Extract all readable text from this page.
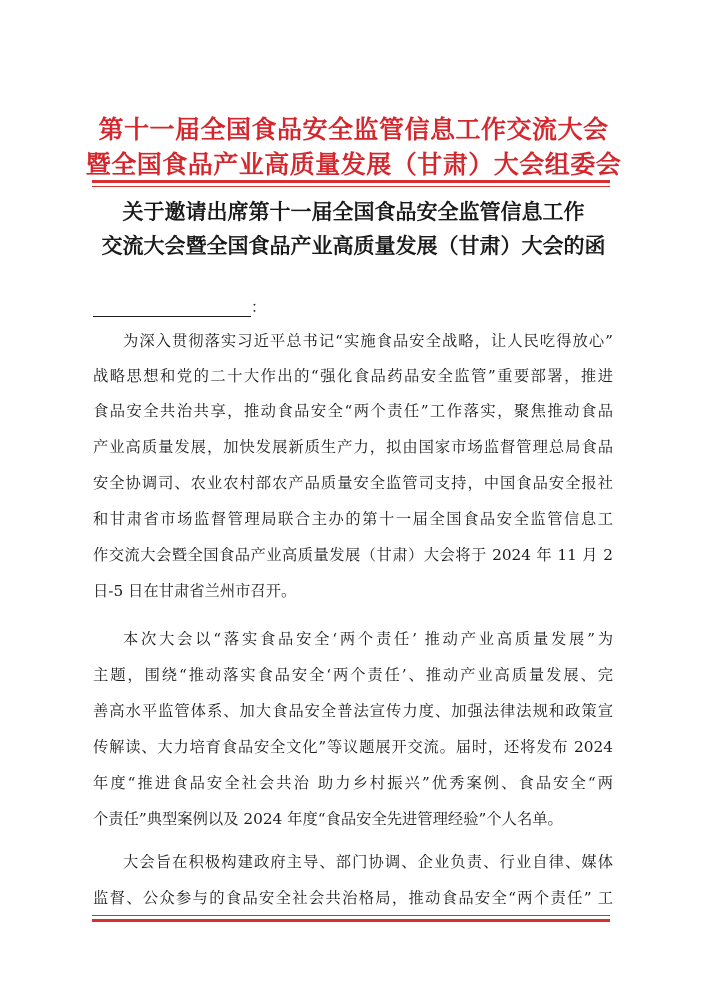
第十一届全国食品安全监管信息工作交流大会
暨全国食品产业高质量发展（甘肃）大会组委会
关于邀请出席第十一届全国食品安全监管信息工作
交流大会暨全国食品产业高质量发展（甘肃）大会的函
：
为深入贯彻落实习近平总书记“实施食品安全战略，让人民吃得放心”
战略思想和党的二十大作出的“强化食品药品安全监管”重要部署，推进
食品安全共治共享，推动食品安全“两个责任”工作落实，聚焦推动食品
产业高质量发展，加快发展新质生产力，拟由国家市场监督管理总局食品
安全协调司、农业农村部农产品质量安全监管司支持，中国食品安全报社
和甘肃省市场监督管理局联合主办的第十一届全国食品安全监管信息工
作交流大会暨全国食品产业高质量发展（甘肃）大会将于 2024 年 11 月 2
日-5 日在甘肃省兰州市召开。
本次大会以“落实食品安全‘两个责任’ 推动产业高质量发展”为
主题，围绕“推动落实食品安全‘两个责任’、推动产业高质量发展、完
善高水平监管体系、加大食品安全普法宣传力度、加强法律法规和政策宣
传解读、大力培育食品安全文化”等议题展开交流。届时，还将发布 2024
年度“推进食品安全社会共治 助力乡村振兴”优秀案例、食品安全“两
个责任”典型案例以及 2024 年度“食品安全先进管理经验”个人名单。
大会旨在积极构建政府主导、部门协调、企业负责、行业自律、媒体
监督、公众参与的食品安全社会共治格局，推动食品安全“两个责任” 工
